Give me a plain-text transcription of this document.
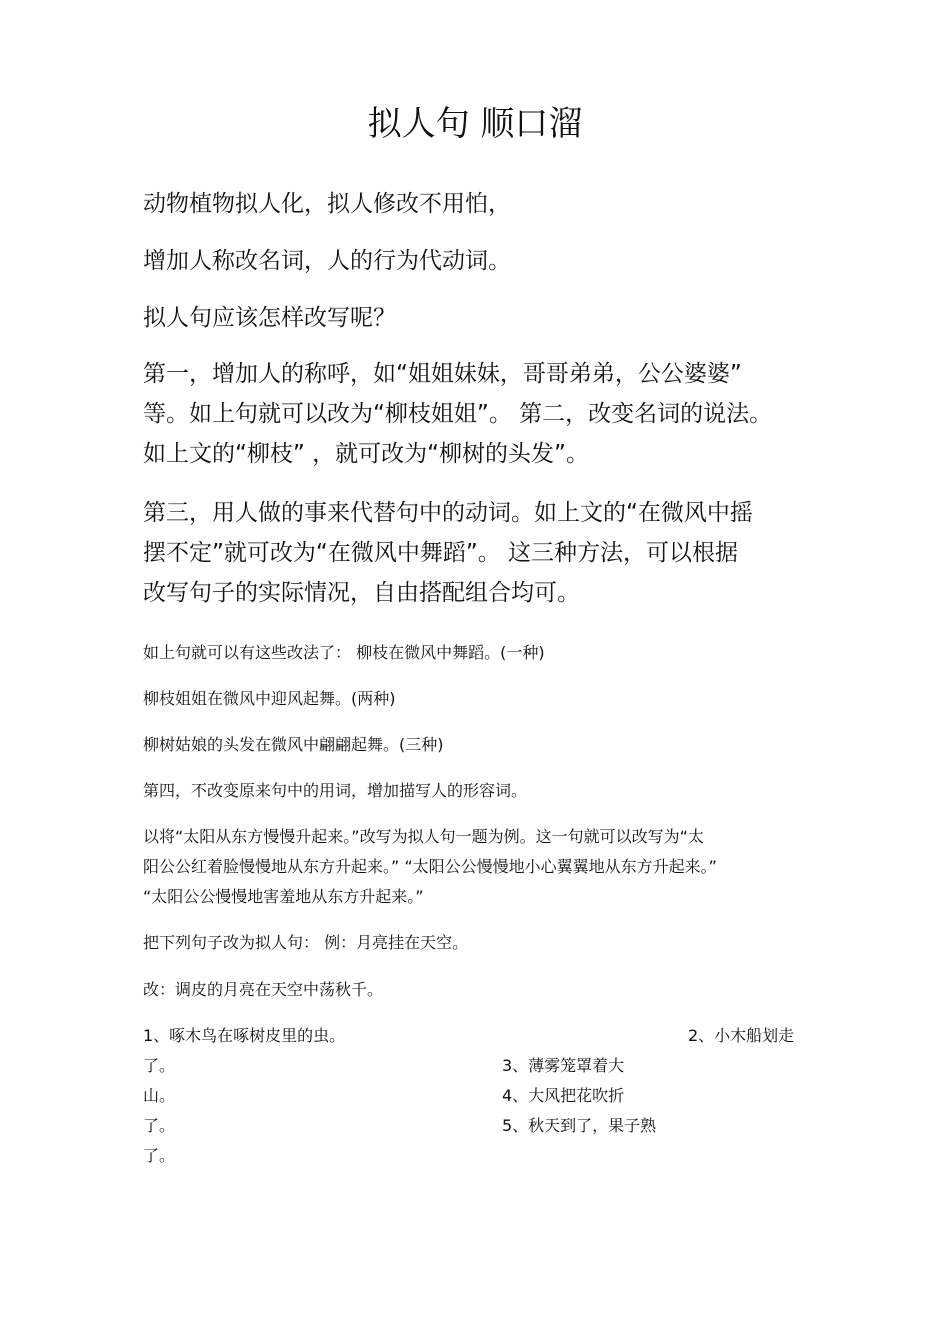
拟人句 顺口溜

动物植物拟人化，拟人修改不用怕，

增加人称改名词，人的行为代动词。

拟人句应该怎样改写呢？

第一，增加人的称呼，如“姐姐妹妹，哥哥弟弟，公公婆婆”
等。如上句就可以改为“柳枝姐姐”。 第二，改变名词的说法。
如上文的“柳枝” ，就可改为“柳树的头发”。
第三，用人做的事来代替句中的动词。如上文的“在微风中摇
摆不定”就可改为“在微风中舞蹈”。 这三种方法，可以根据
改写句子的实际情况，自由搭配组合均可。

如上句就可以有这些改法了： 柳枝在微风中舞蹈。(一种)

柳枝姐姐在微风中迎风起舞。(两种)

柳树姑娘的头发在微风中翩翩起舞。(三种)

第四，不改变原来句中的用词，增加描写人的形容词。

以将“太阳从东方慢慢升起来。”改写为拟人句一题为例。这一句就可以改写为“太
阳公公红着脸慢慢地从东方升起来。” “太阳公公慢慢地小心翼翼地从东方升起来。”
“太阳公公慢慢地害羞地从东方升起来。”

把下列句子改为拟人句： 例：月亮挂在天空。

改：调皮的月亮在天空中荡秋千。

1、啄木鸟在啄树皮里的虫。
了。
山。
了。
了。
3、薄雾笼罩着大
4、大风把花吹折
5、秋天到了，果子熟

2、小木船划走
